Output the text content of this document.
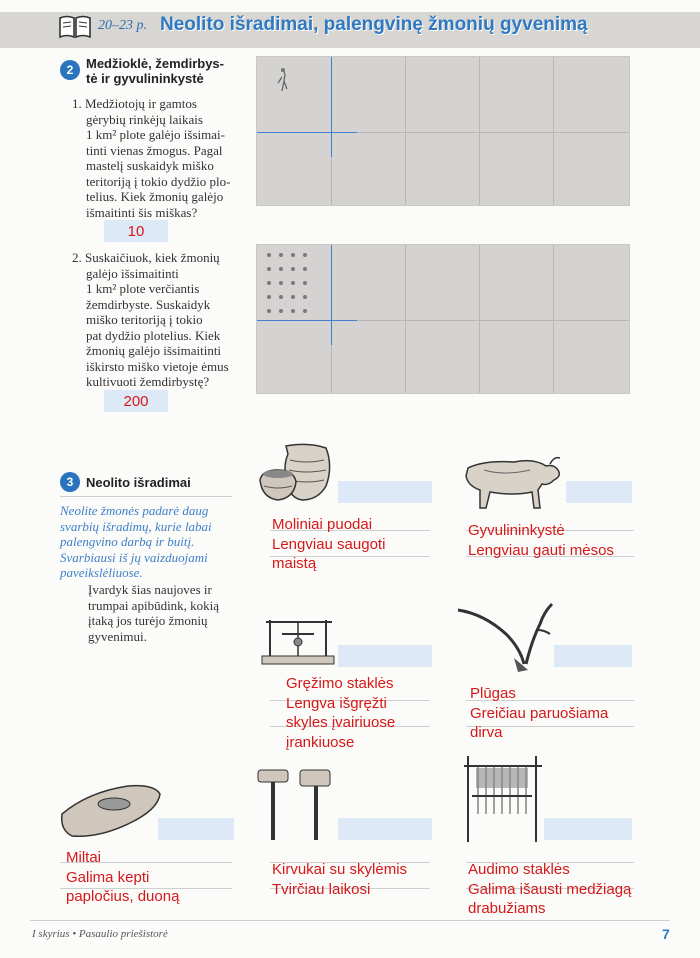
20–23 p. Neolito išradimai, palengvinę žmonių gyvenimą
2 Medžioklė, žemdirbys-
tė ir gyvulininkystė
1. Medžiotojų ir gamtos
gėrybių rinkėjų laikais
1 km² plote galėjo išsimai-
tinti vienas žmogus. Pagal
mastelį suskaidyk miško
teritoriją į tokio dydžio plo-
telius. Kiek žmonių galėjo
išmaitinti šis miškas?
10
2. Suskaičiuok, kiek žmonių
galėjo išsimaitinti
1 km² plote verčiantis
žemdirbyste. Suskaidyk
miško teritoriją į tokio
pat dydžio plotelius. Kiek
žmonių galėjo išsimaitinti
iškirsto miško vietoje ėmus
kultivuoti žemdirbystę?
200
3 Neolito išradimai
Neolite žmonės padarė daug
svarbių išradimų, kurie labai
palengvino darbą ir buitį.
Svarbiausi iš jų vaizduojami
paveikslėliuose.
Įvardyk šias naujoves ir
trumpai apibūdink, kokią
įtaką jos turėjo žmonių
gyvenimui.
Moliniai puodai
Lengviau saugoti
maistą
Gyvulininkystė
Lengviau gauti mėsos
Gręžimo staklės
Lengva išgręžti
skyles įvairiuose
įrankiuose
Plūgas
Greičiau paruošiama
dirva
Miltai
Galima kepti
papločius, duoną
Kirvukai su skylėmis
Tvirčiau laikosi
Audimo staklės
Galima išausti medžiagą
drabužiams
I skyrius • Pasaulio priešistorė	7
